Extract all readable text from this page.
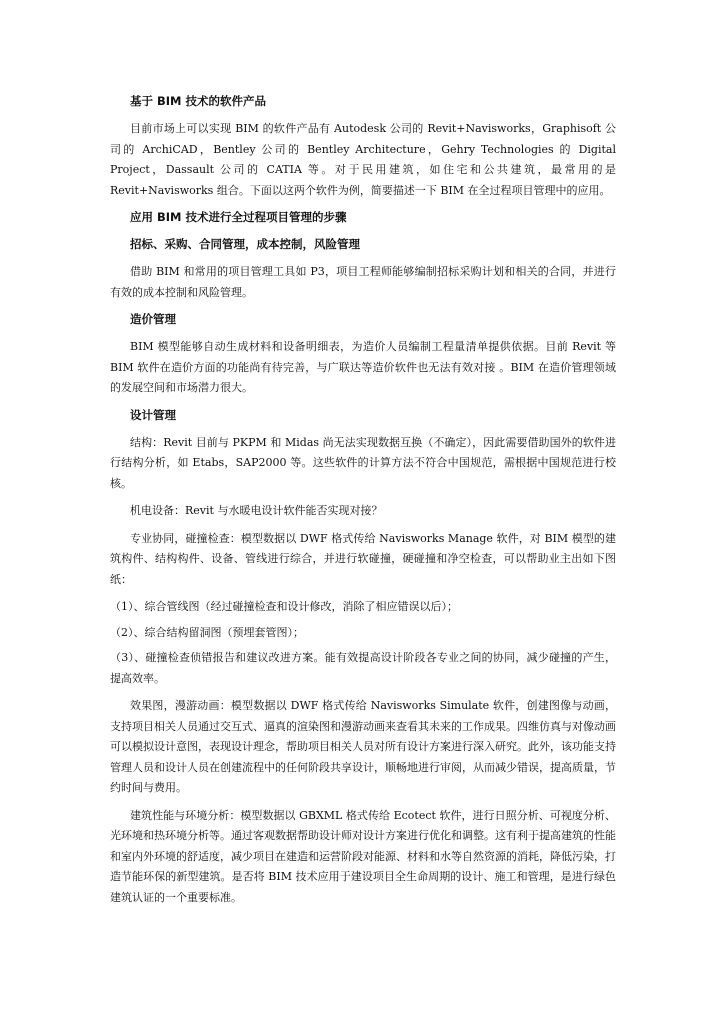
基于 BIM 技术的软件产品
目前市场上可以实现 BIM 的软件产品有 Autodesk 公司的 Revit+Navisworks，Graphisoft 公司的 ArchiCAD，Bentley 公司的 Bentley Architecture，Gehry Technologies 的 Digital Project，Dassault 公司的 CATIA 等。对于民用建筑，如住宅和公共建筑，最常用的是 Revit+Navisworks 组合。下面以这两个软件为例，简要描述一下 BIM 在全过程项目管理中的应用。
应用 BIM 技术进行全过程项目管理的步骤
招标、采购、合同管理，成本控制，风险管理
借助 BIM 和常用的项目管理工具如 P3，项目工程师能够编制招标采购计划和相关的合同，并进行有效的成本控制和风险管理。
造价管理
BIM 模型能够自动生成材料和设备明细表，为造价人员编制工程量清单提供依据。目前 Revit 等 BIM 软件在造价方面的功能尚有待完善，与广联达等造价软件也无法有效对接 。BIM 在造价管理领域的发展空间和市场潜力很大。
设计管理
结构：Revit 目前与 PKPM 和 Midas 尚无法实现数据互换（不确定），因此需要借助国外的软件进行结构分析，如 Etabs，SAP2000 等。这些软件的计算方法不符合中国规范，需根据中国规范进行校核。
机电设备：Revit 与水暖电设计软件能否实现对接？
专业协同，碰撞检查：模型数据以 DWF 格式传给 Navisworks Manage 软件，对 BIM 模型的建筑构件、结构构件、设备、管线进行综合，并进行软碰撞，硬碰撞和净空检查，可以帮助业主出如下图纸：
（1）、综合管线图（经过碰撞检查和设计修改，消除了相应错误以后）；
（2）、综合结构留洞图（预埋套管图）；
（3）、碰撞检查侦错报告和建议改进方案。能有效提高设计阶段各专业之间的协同，减少碰撞的产生，提高效率。
效果图，漫游动画：模型数据以 DWF 格式传给 Navisworks Simulate 软件，创建图像与动画，支持项目相关人员通过交互式、逼真的渲染图和漫游动画来查看其未来的工作成果。四维仿真与对像动画可以模拟设计意图，表现设计理念，帮助项目相关人员对所有设计方案进行深入研究。此外，该功能支持管理人员和设计人员在创建流程中的任何阶段共享设计，顺畅地进行审阅，从而减少错误，提高质量，节约时间与费用。
建筑性能与环境分析：模型数据以 GBXML 格式传给 Ecotect 软件，进行日照分析、可视度分析、光环境和热环境分析等。通过客观数据帮助设计师对设计方案进行优化和调整。这有利于提高建筑的性能和室内外环境的舒适度，减少项目在建造和运营阶段对能源、材料和水等自然资源的消耗，降低污染，打造节能环保的新型建筑。是否将 BIM 技术应用于建设项目全生命周期的设计、施工和管理，是进行绿色建筑认证的一个重要标准。
